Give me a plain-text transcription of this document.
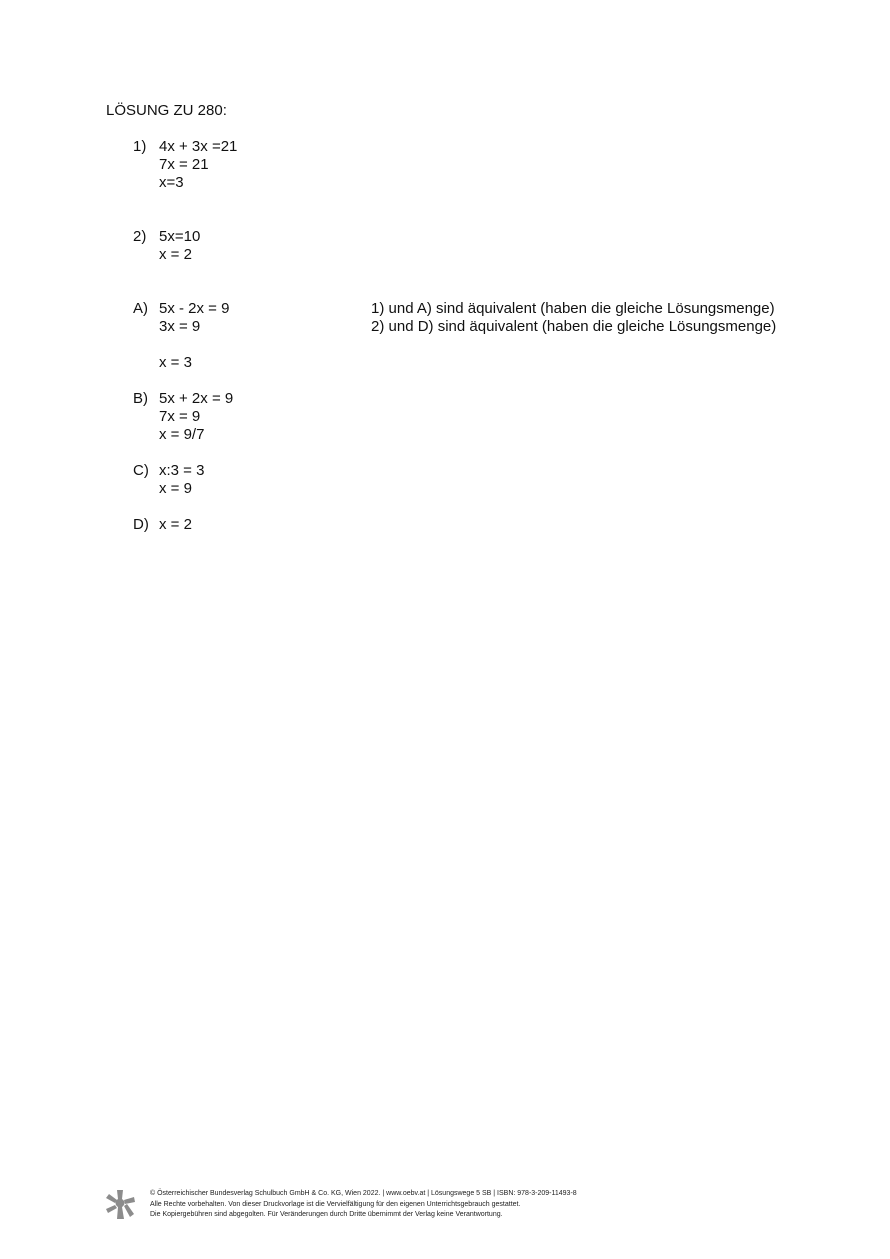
LÖSUNG ZU 280:
1) 4x + 3x =21
7x = 21
x=3
2) 5x=10
x = 2
A) 5x - 2x = 9
3x = 9
x = 3
B) 5x + 2x = 9
7x = 9
x = 9/7
C) x:3 = 3
x = 9
D) x = 2
1) und A) sind äquivalent (haben die gleiche Lösungsmenge)
2) und D) sind äquivalent (haben die gleiche Lösungsmenge)
© Österreichischer Bundesverlag Schulbuch GmbH & Co. KG, Wien 2022. | www.oebv.at | Lösungswege 5 SB | ISBN: 978-3-209-11493-8
Alle Rechte vorbehalten. Von dieser Druckvorlage ist die Vervielfältigung für den eigenen Unterrichtsgebrauch gestattet.
Die Kopiergebühren sind abgegolten. Für Veränderungen durch Dritte übernimmt der Verlag keine Verantwortung.
